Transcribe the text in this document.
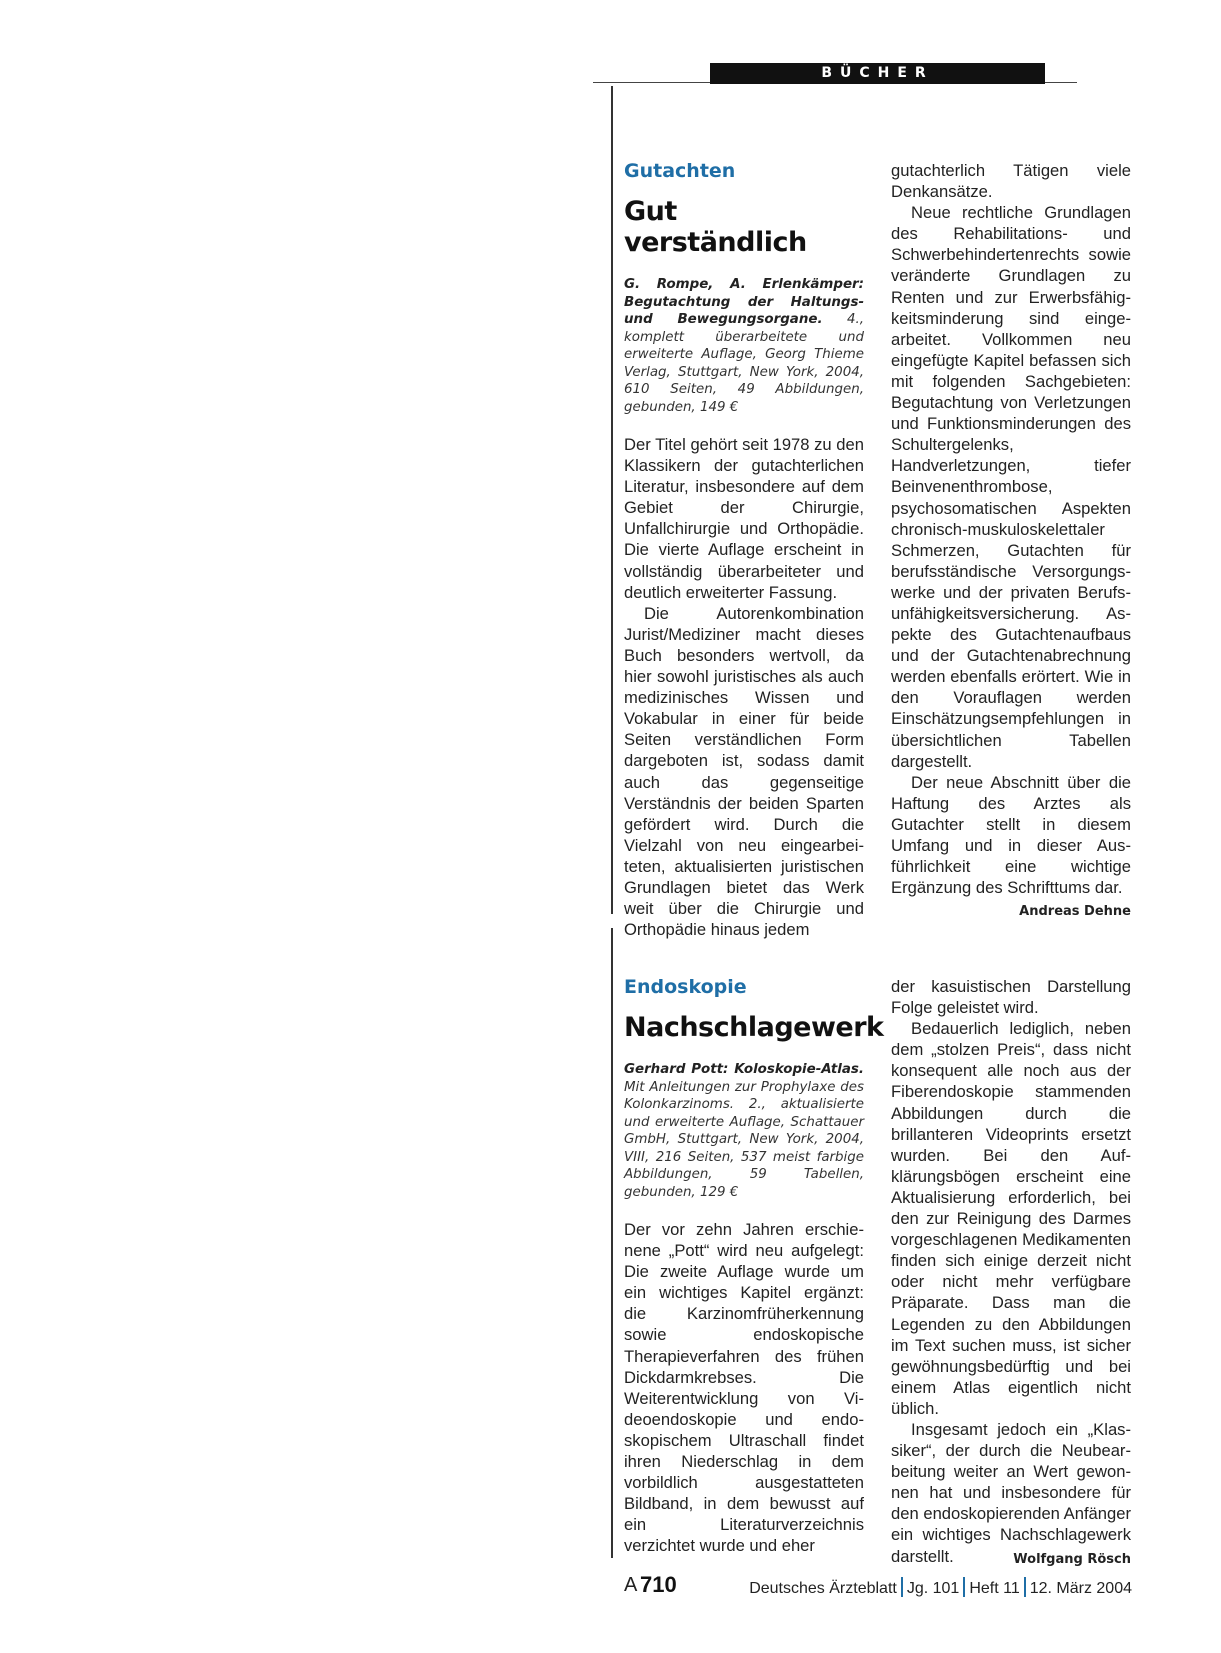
BÜCHER
Gutachten
Gut verständlich

G. Rompe, A. Erlenkämper: Begutachtung der Haltungs- und Bewegungsorgane. 4., komplett überarbeitete und erweiterte Auflage, Georg Thieme Verlag, Stuttgart, New York, 2004, 610 Seiten, 49 Abbildungen, gebunden, 149 €

Der Titel gehört seit 1978 zu den Klassikern der gutachterlichen Literatur, insbesondere auf dem Gebiet der Chirurgie, Unfallchirurgie und Orthopädie. Die vierte Auflage erscheint in vollständig überarbeiteter und deutlich erweiterter Fassung.

Die Autorenkombination Jurist/Mediziner macht dieses Buch besonders wertvoll, da hier sowohl juristisches als auch medizinisches Wissen und Vokabular in einer für beide Seiten verständlichen Form dargeboten ist, sodass damit auch das gegenseitige Verständnis der beiden Sparten gefördert wird. Durch die Vielzahl von neu eingearbeiteten, aktualisierten juristischen Grundlagen bietet das Werk weit über die Chirurgie und Orthopädie hinaus jedem

gutachterlich Tätigen viele Denkansätze.

Neue rechtliche Grundlagen des Rehabilitations- und Schwerbehindertenrechts sowie veränderte Grundlagen zu Renten und zur Erwerbsfähigkeitsminderung sind eingearbeitet. Vollkommen neu eingefügte Kapitel befassen sich mit folgenden Sachgebieten: Begutachtung von Verletzungen und Funktionsminderungen des Schultergelenks, Handverletzungen, tiefer Beinvenenthrombose, psychosomatischen Aspekten chronisch-muskuloskelettaler Schmerzen, Gutachten für berufsständische Versorgungswerke und der privaten Berufsunfähigkeitsversicherung. Aspekte des Gutachtenaufbaus und der Gutachtenabrechnung werden ebenfalls erörtert. Wie in den Vorauflagen werden Einschätzungsempfehlungen in übersichtlichen Tabellen dargestellt.

Der neue Abschnitt über die Haftung des Arztes als Gutachter stellt in diesem Umfang und in dieser Ausführlichkeit eine wichtige Ergänzung des Schrifttums dar.
Andreas Dehne

Endoskopie
Nachschlagewerk

Gerhard Pott: Koloskopie-Atlas. Mit Anleitungen zur Prophylaxe des Kolonkarzinoms. 2., aktualisierte und erweiterte Auflage, Schattauer GmbH, Stuttgart, New York, 2004, VIII, 216 Seiten, 537 meist farbige Abbildungen, 59 Tabellen, gebunden, 129 €

Der vor zehn Jahren erschienene „Pott“ wird neu aufgelegt: Die zweite Auflage wurde um ein wichtiges Kapitel ergänzt: die Karzinomfrüherkennung sowie endoskopische Therapieverfahren des frühen Dickdarmkrebses. Die Weiterentwicklung von Videoendoskopie und endoskopischem Ultraschall findet ihren Niederschlag in dem vorbildlich ausgestatteten Bildband, in dem bewusst auf ein Literaturverzeichnis verzichtet wurde und eher

der kasuistischen Darstellung Folge geleistet wird.

Bedauerlich lediglich, neben dem „stolzen Preis“, dass nicht konsequent alle noch aus der Fiberendoskopie stammenden Abbildungen durch die brillanteren Videoprints ersetzt wurden. Bei den Aufklärungsbögen erscheint eine Aktualisierung erforderlich, bei den zur Reinigung des Darmes vorgeschlagenen Medikamenten finden sich einige derzeit nicht oder nicht mehr verfügbare Präparate. Dass man die Legenden zu den Abbildungen im Text suchen muss, ist sicher gewöhnungsbedürftig und bei einem Atlas eigentlich nicht üblich.

Insgesamt jedoch ein „Klassiker“, der durch die Neubearbeitung weiter an Wert gewonnen hat und insbesondere für den endoskopierenden Anfänger ein wichtiges Nachschlagewerk darstellt.	Wolfgang Rösch

A 710	Deutsches Ärzteblatt Jg. 101 Heft 11 12. März 2004
